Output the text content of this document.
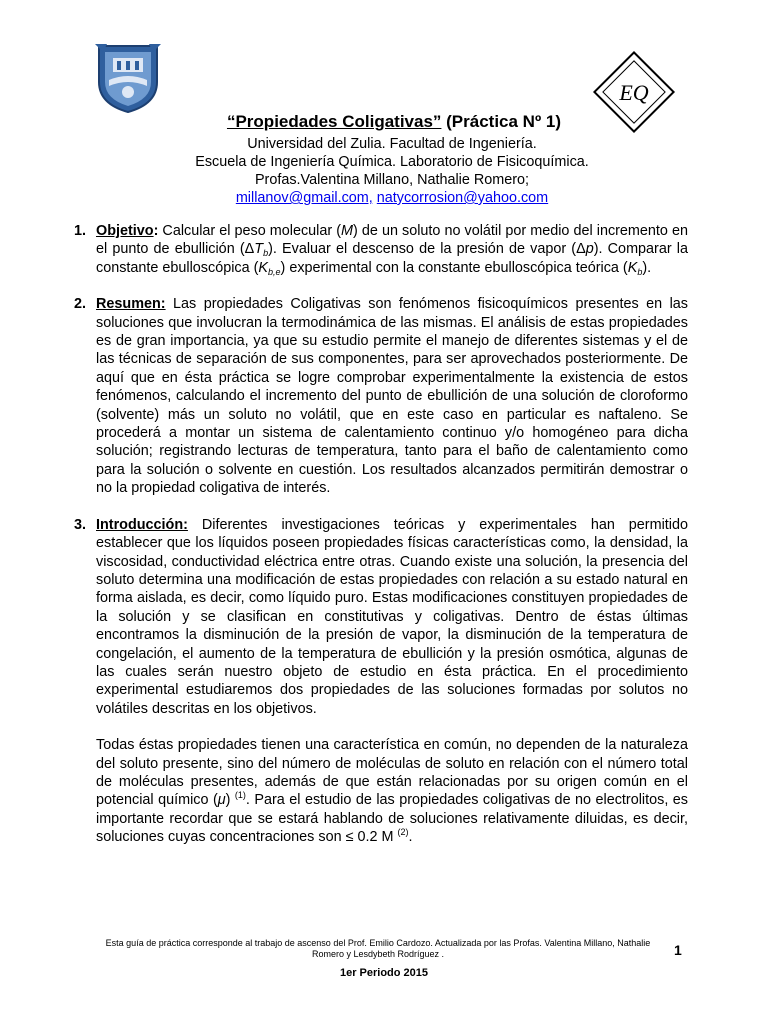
EQ
“Propiedades Coligativas” (Práctica Nº 1)
Universidad del Zulia. Facultad de Ingeniería.
Escuela de Ingeniería Química. Laboratorio de Fisicoquímica.
Profas.Valentina Millano, Nathalie Romero;
millanov@gmail.com, natycorrosion@yahoo.com
1. Objetivo: Calcular el peso molecular (M) de un soluto no volátil por medio del incremento en el punto de ebullición $(\Delta T_b)$. Evaluar el descenso de la presión de vapor (Δp). Comparar la constante ebulloscópica $(K_{b,e})$ experimental con la constante ebulloscópica teórica $(K_b)$.

2. Resumen: Las propiedades Coligativas son fenómenos fisicoquímicos presentes en las soluciones que involucran la termodinámica de las mismas. El análisis de estas propiedades es de gran importancia, ya que su estudio permite el manejo de diferentes sistemas y el de las técnicas de separación de sus componentes, para ser aprovechados posteriormente. De aquí que en ésta práctica se logre comprobar experimentalmente la existencia de estos fenómenos, calculando el incremento del punto de ebullición de una solución de cloroformo (solvente) más un soluto no volátil, que en este caso en particular es naftaleno. Se procederá a montar un sistema de calentamiento continuo y/o homogéneo para dicha solución; registrando lecturas de temperatura, tanto para el baño de calentamiento como para la solución o solvente en cuestión. Los resultados alcanzados permitirán demostrar o no la propiedad coligativa de interés.

3. Introducción: Diferentes investigaciones teóricas y experimentales han permitido establecer que los líquidos poseen propiedades físicas características como, la densidad, la viscosidad, conductividad eléctrica entre otras. Cuando existe una solución, la presencia del soluto determina una modificación de estas propiedades con relación a su estado natural en forma aislada, es decir, como líquido puro. Estas modificaciones constituyen propiedades de la solución y se clasifican en constitutivas y coligativas. Dentro de éstas últimas encontramos la disminución de la presión de vapor, la disminución de la temperatura de congelación, el aumento de la temperatura de ebullición y la presión osmótica, algunas de las cuales serán nuestro objeto de estudio en ésta práctica. En el procedimiento experimental estudiaremos dos propiedades de las soluciones formadas por solutos no volátiles descritas en los objetivos.

Todas éstas propiedades tienen una característica en común, no dependen de la naturaleza del soluto presente, sino del número de moléculas de soluto en relación con el número total de moléculas presentes, además de que están relacionadas por su origen común en el potencial químico (μ) $^{(1)}$. Para el estudio de las propiedades coligativas de no electrolitos, es importante recordar que se estará hablando de soluciones relativamente diluidas, es decir, soluciones cuyas concentraciones son ≤ 0.2 M $^{(2)}$.

Esta guía de práctica corresponde al trabajo de ascenso del Prof. Emilio Cardozo. Actualizada por las Profas. Valentina Millano, Nathalie Romero y Lesdybeth Rodríguez .	1
1er Periodo 2015
